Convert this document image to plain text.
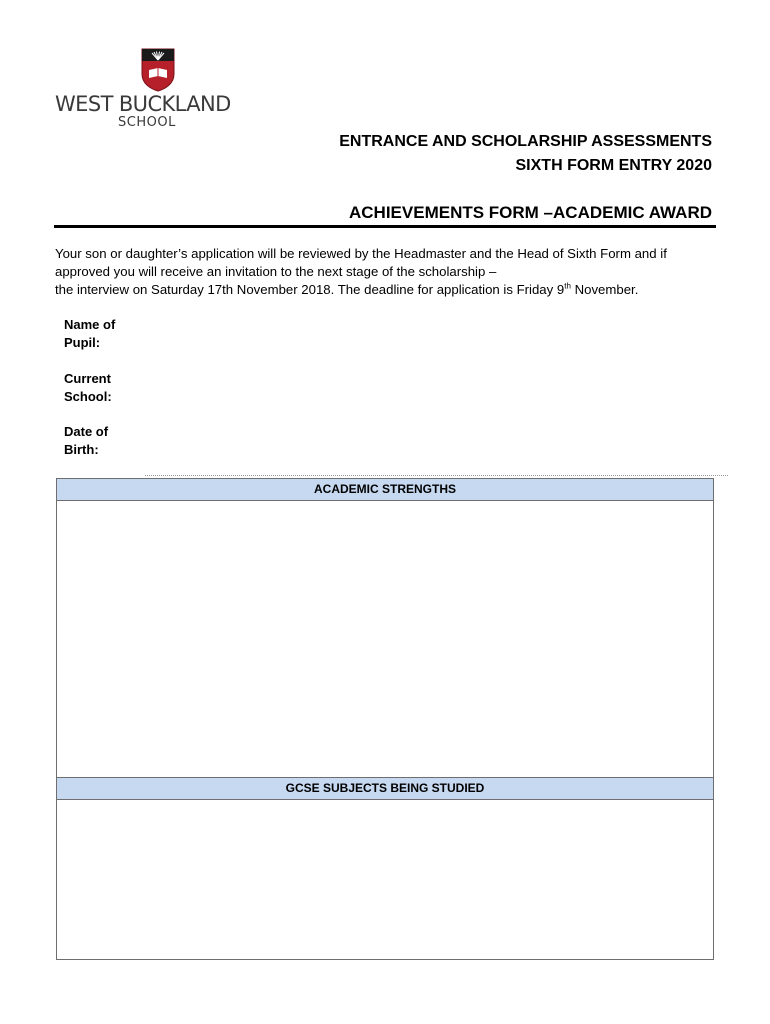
WEST BUCKLAND
SCHOOL
ENTRANCE AND SCHOLARSHIP ASSESSMENTS
SIXTH FORM ENTRY 2020
ACHIEVEMENTS FORM –ACADEMIC AWARD

Your son or daughter’s application will be reviewed by the Headmaster and the Head of Sixth Form and if

approved you will receive an invitation to the next stage of the scholarship –

the interview on Saturday 17th November 2018. The deadline for application is Friday 9th November.

Name of
Pupil:
Current
School:
Date of
Birth:
ACADEMIC STRENGTHS
GCSE SUBJECTS BEING STUDIED
